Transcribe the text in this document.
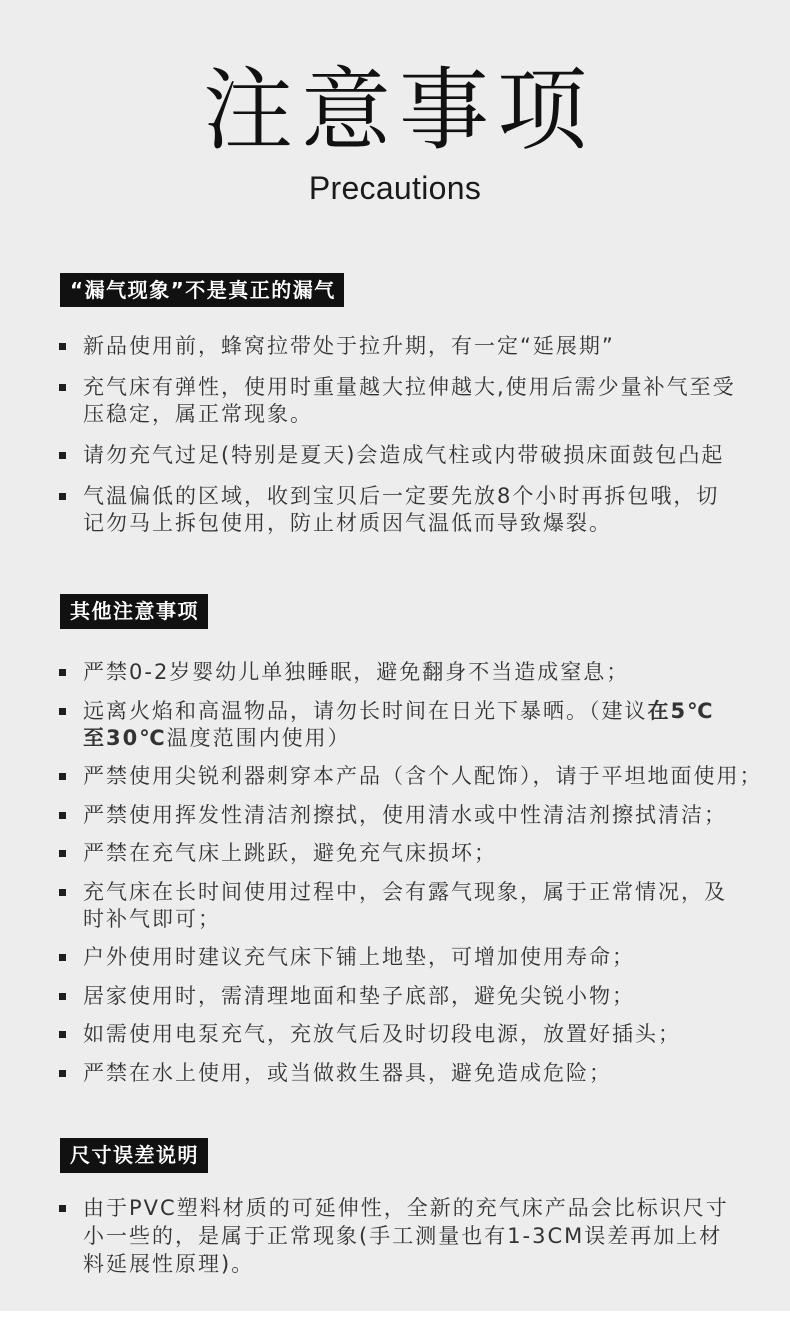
注意事项
Precautions
“漏气现象”不是真正的漏气
新品使用前，蜂窝拉带处于拉升期，有一定“延展期”
充气床有弹性，使用时重量越大拉伸越大,使用后需少量补气至受
压稳定，属正常现象。
请勿充气过足(特别是夏天)会造成气柱或内带破损床面鼓包凸起
气温偏低的区域，收到宝贝后一定要先放8个小时再拆包哦，切
记勿马上拆包使用，防止材质因气温低而导致爆裂。
其他注意事项
严禁0-2岁婴幼儿单独睡眠，避免翻身不当造成窒息；
远离火焰和高温物品，请勿长时间在日光下暴晒。（建议在5℃
至30℃温度范围内使用）
严禁使用尖锐利器刺穿本产品（含个人配饰），请于平坦地面使用；
严禁使用挥发性清洁剂擦拭，使用清水或中性清洁剂擦拭清洁；
严禁在充气床上跳跃，避免充气床损坏；
充气床在长时间使用过程中，会有露气现象，属于正常情况，及
时补气即可；
户外使用时建议充气床下铺上地垫，可增加使用寿命；
居家使用时，需清理地面和垫子底部，避免尖锐小物；
如需使用电泵充气，充放气后及时切段电源，放置好插头；
严禁在水上使用，或当做救生器具，避免造成危险；
尺寸误差说明
由于PVC塑料材质的可延伸性，全新的充气床产品会比标识尺寸
小一些的，是属于正常现象(手工测量也有1-3CM误差再加上材
料延展性原理)。
